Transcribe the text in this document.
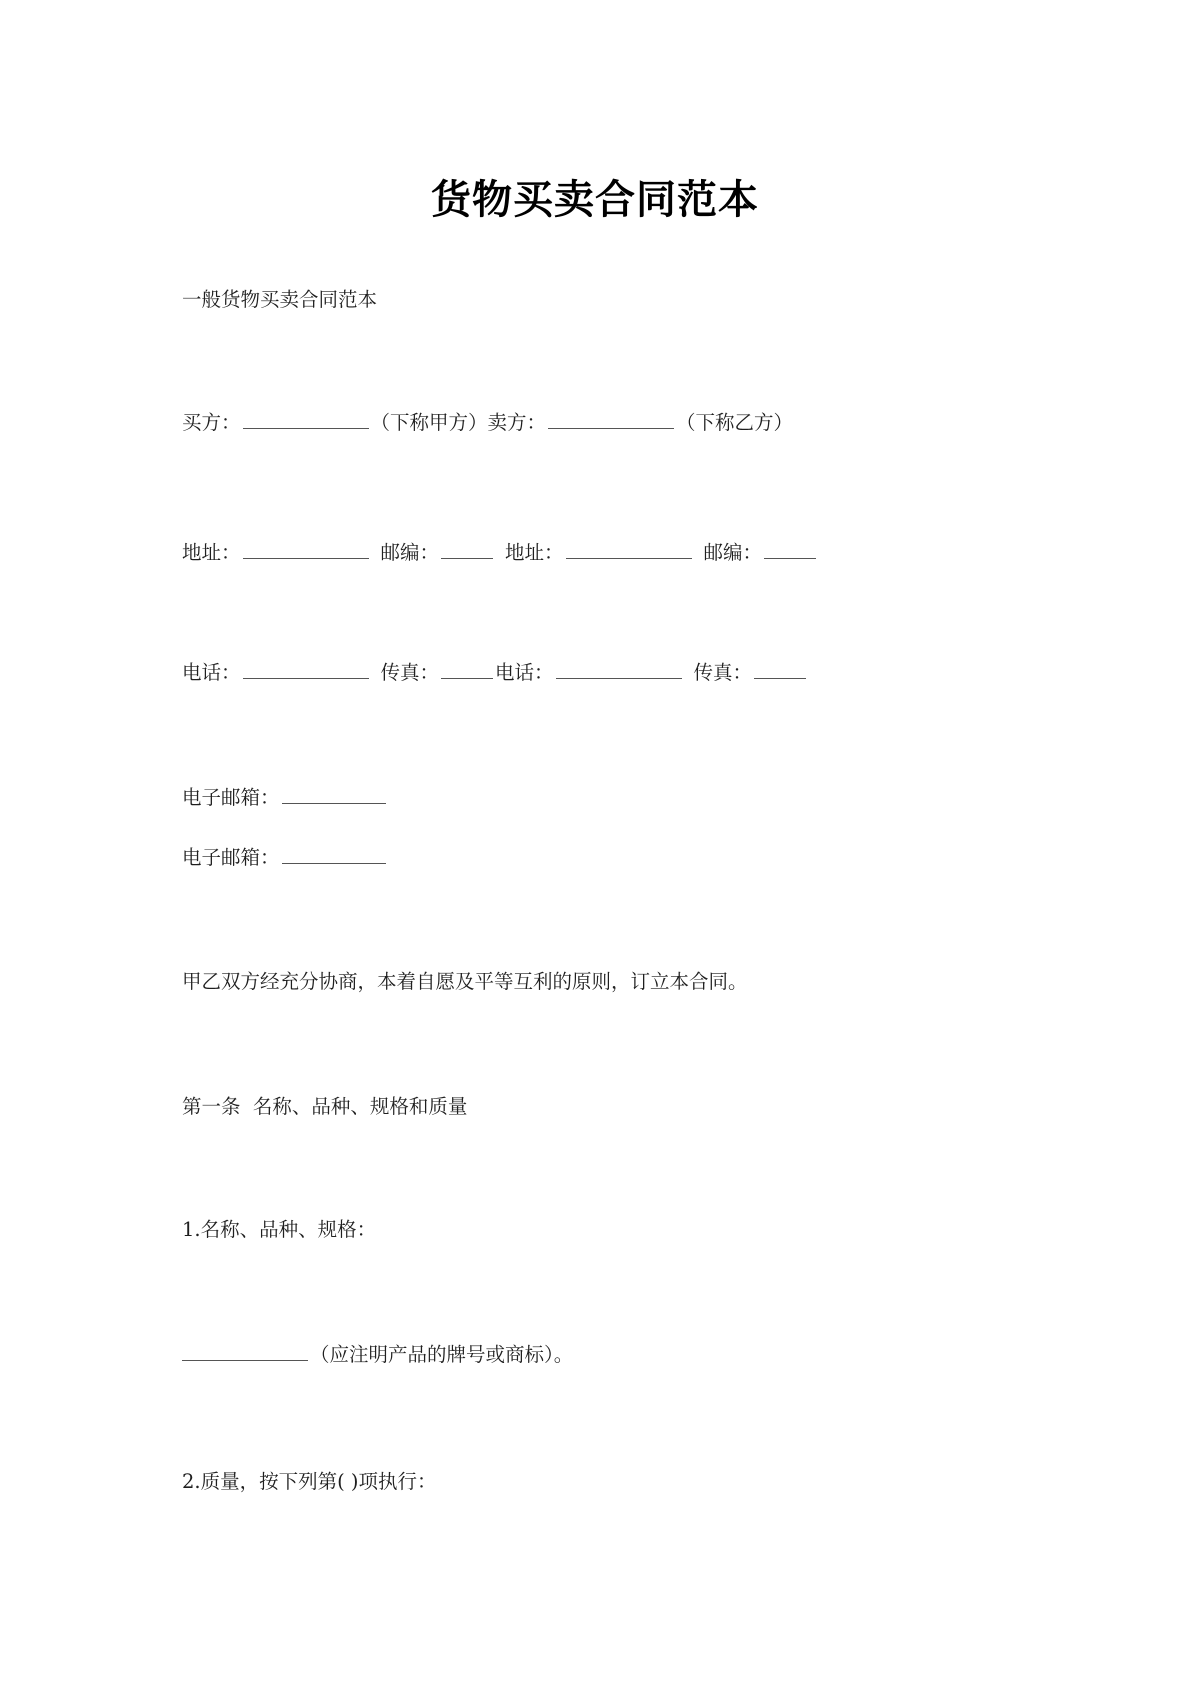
货物买卖合同范本
一般货物买卖合同范本
买方：	（下称甲方）卖方：	（下称乙方）
地址：	邮编：	地址：	邮编：
电话：	传真：	电话：	传真：
电子邮箱：
电子邮箱：
甲乙双方经充分协商，本着自愿及平等互利的原则，订立本合同。
第一条  名称、品种、规格和质量
1.名称、品种、规格：
（应注明产品的牌号或商标）。
2.质量，按下列第( )项执行：
